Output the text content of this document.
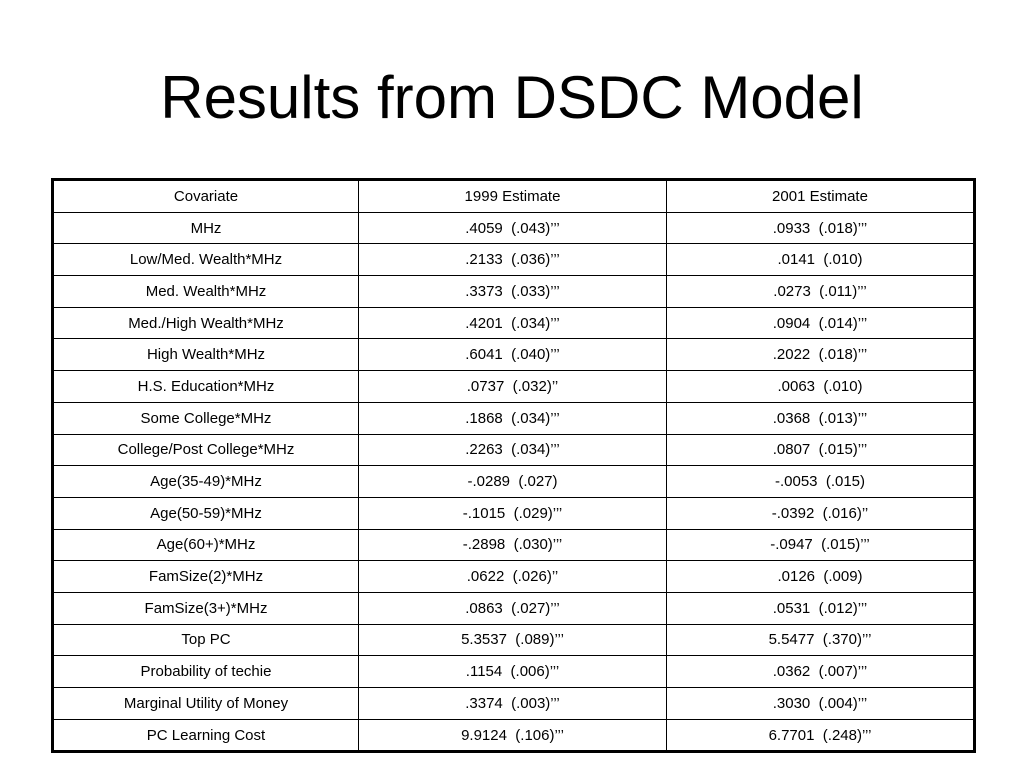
Results from DSDC Model
Covariate	1999 Estimate	2001 Estimate
MHz	.4059  (.043)’’’	.0933  (.018)’’’
Low/Med. Wealth*MHz	.2133  (.036)’’’	.0141  (.010)
Med. Wealth*MHz	.3373  (.033)’’’	.0273  (.011)’’’
Med./High Wealth*MHz	.4201  (.034)’’’	.0904  (.014)’’’
High Wealth*MHz	.6041  (.040)’’’	.2022  (.018)’’’
H.S. Education*MHz	.0737  (.032)’’	.0063  (.010)
Some College*MHz	.1868  (.034)’’’	.0368  (.013)’’’
College/Post College*MHz	.2263  (.034)’’’	.0807  (.015)’’’
Age(35-49)*MHz	-.0289  (.027)	-.0053  (.015)
Age(50-59)*MHz	-.1015  (.029)’’’	-.0392  (.016)’’
Age(60+)*MHz	-.2898  (.030)’’’	-.0947  (.015)’’’
FamSize(2)*MHz	.0622  (.026)’’	.0126  (.009)
FamSize(3+)*MHz	.0863  (.027)’’’	.0531  (.012)’’’
Top PC	5.3537  (.089)’’’	5.5477  (.370)’’’
Probability of techie	.1154  (.006)’’’	.0362  (.007)’’’
Marginal Utility of Money	.3374  (.003)’’’	.3030  (.004)’’’
PC Learning Cost	9.9124  (.106)’’’	6.7701  (.248)’’’
